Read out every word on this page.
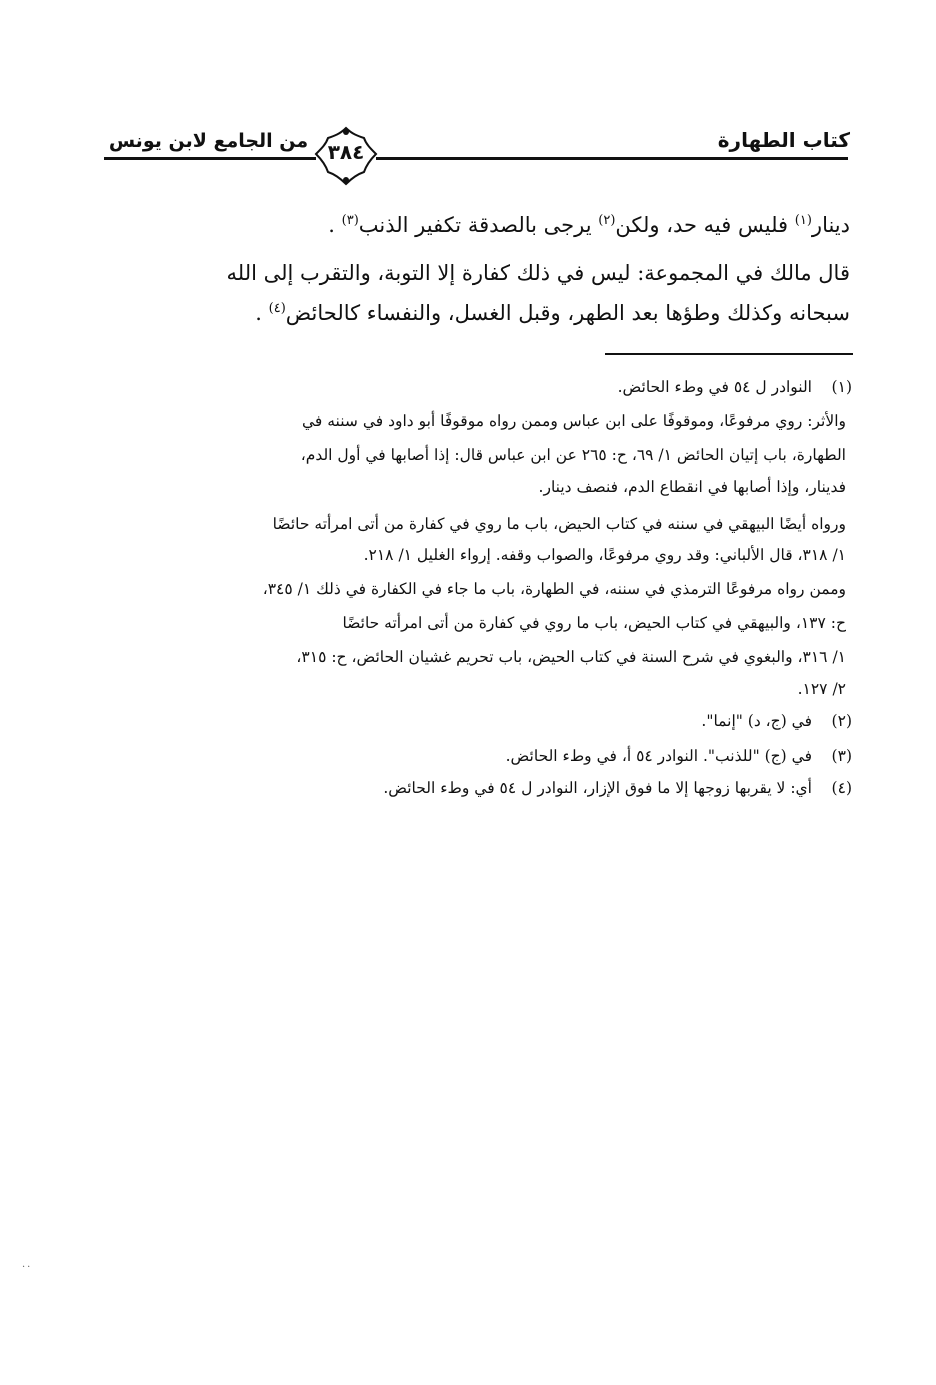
من الجامع لابن يونس ٣٨٤	كتاب الطهارة
دينار$^{(١)}$ فليس فيه حد، ولكن$^{(٢)}$ يرجى بالصدقة تكفير الذنب$^{(٣)}$ .
قال مالك في المجموعة: ليس في ذلك كفارة إلا التوبة، والتقرب إلى الله
سبحانه وكذلك وطؤها بعد الطهر، وقبل الغسل، والنفساء كالحائض$^{(٤)}$ .
(١)
النوادر ل ٥٤ في وطء الحائض.
والأثر: روي مرفوعًا، وموقوفًا على ابن عباس وممن رواه موقوفًا أبو داود في سننه في
الطهارة، باب إتيان الحائض ١/ ٦٩، ح: ٢٦٥ عن ابن عباس قال: إذا أصابها في أول الدم،
فدينار، وإذا أصابها في انقطاع الدم، فنصف دينار.
ورواه أيضًا البيهقي في سننه في كتاب الحيض، باب ما روي في كفارة من أتى امرأته حائضًا
١/ ٣١٨، قال الألباني: وقد روي مرفوعًا، والصواب وقفه. إرواء الغليل ١/ ٢١٨.
وممن رواه مرفوعًا الترمذي في سننه، في الطهارة، باب ما جاء في الكفارة في ذلك ١/ ٣٤٥،
ح: ١٣٧، والبيهقي في كتاب الحيض، باب ما روي في كفارة من أتى امرأته حائضًا
١/ ٣١٦، والبغوي في شرح السنة في كتاب الحيض، باب تحريم غشيان الحائض، ح: ٣١٥،
٢/ ١٢٧.
(٢)
في (ج، د) "إنما".
(٣)
في (ج) "للذنب". النوادر ٥٤ أ، في وطء الحائض.
(٤)
أي: لا يقربها زوجها إلا ما فوق الإزار، النوادر ل ٥٤ في وطء الحائض.
··
